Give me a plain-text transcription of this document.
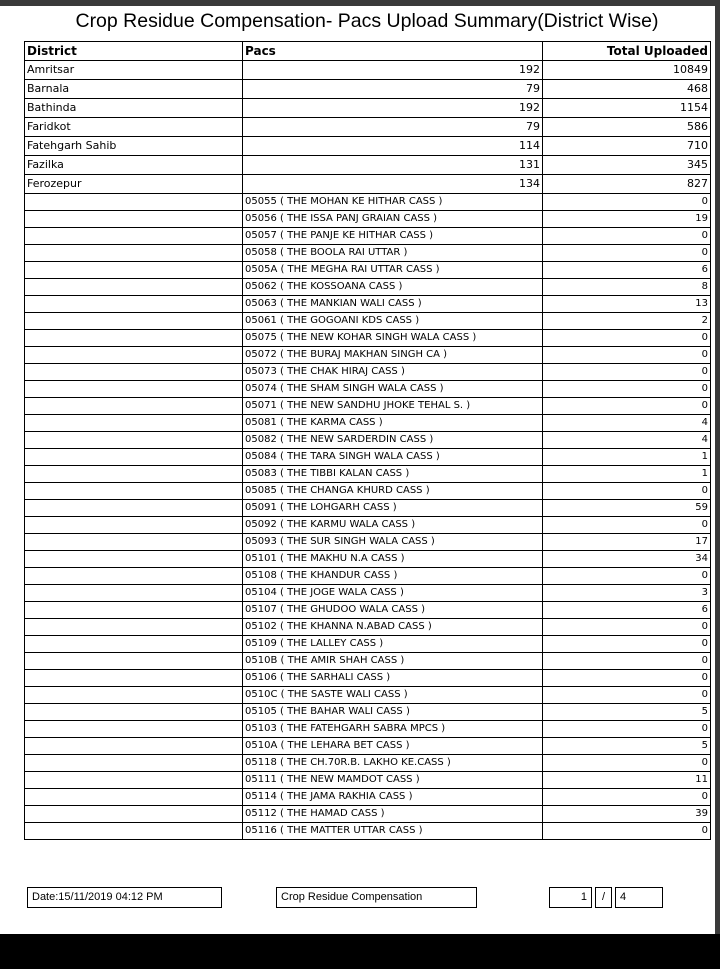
Crop Residue Compensation- Pacs Upload Summary(District Wise)
District	Pacs	Total Uploaded
Amritsar	192	10849
Barnala	79	468
Bathinda	192	1154
Faridkot	79	586
Fatehgarh Sahib	114	710
Fazilka	131	345
Ferozepur	134	827
	05055 ( THE MOHAN KE HITHAR CASS )	0
	05056 ( THE ISSA PANJ GRAIAN CASS )	19
	05057 ( THE PANJE KE HITHAR CASS )	0
	05058 ( THE BOOLA RAI UTTAR )	0
	0505A ( THE MEGHA RAI UTTAR CASS )	6
	05062 ( THE KOSSOANA CASS )	8
	05063 ( THE MANKIAN WALI CASS )	13
	05061 ( THE GOGOANI KDS CASS )	2
	05075 ( THE NEW KOHAR SINGH WALA CASS )	0
	05072 ( THE BURAJ MAKHAN SINGH CA )	0
	05073 ( THE CHAK HIRAJ CASS )	0
	05074 ( THE SHAM SINGH WALA CASS )	0
	05071 ( THE NEW SANDHU JHOKE TEHAL S. )	0
	05081 ( THE KARMA CASS )	4
	05082 ( THE NEW SARDERDIN CASS )	4
	05084 ( THE TARA SINGH WALA CASS )	1
	05083 ( THE TIBBI KALAN CASS )	1
	05085 ( THE CHANGA KHURD CASS )	0
	05091 ( THE LOHGARH CASS )	59
	05092 ( THE KARMU WALA CASS )	0
	05093 ( THE SUR SINGH WALA CASS )	17
	05101 ( THE MAKHU N.A CASS )	34
	05108 ( THE KHANDUR CASS )	0
	05104 ( THE JOGE WALA CASS )	3
	05107 ( THE GHUDOO WALA CASS )	6
	05102 ( THE KHANNA N.ABAD CASS )	0
	05109 ( THE LALLEY CASS )	0
	0510B ( THE AMIR SHAH CASS )	0
	05106 ( THE SARHALI CASS )	0
	0510C ( THE SASTE WALI CASS )	0
	05105 ( THE BAHAR WALI CASS )	5
	05103 ( THE FATEHGARH SABRA MPCS )	0
	0510A ( THE LEHARA BET CASS )	5
	05118 ( THE CH.70R.B. LAKHO KE.CASS )	0
	05111 ( THE NEW MAMDOT CASS )	11
	05114 ( THE JAMA RAKHIA CASS )	0
	05112 ( THE HAMAD CASS )	39
	05116 ( THE MATTER UTTAR CASS )	0
Date:15/11/2019 04:12 PM	Crop Residue Compensation	1	/	4
